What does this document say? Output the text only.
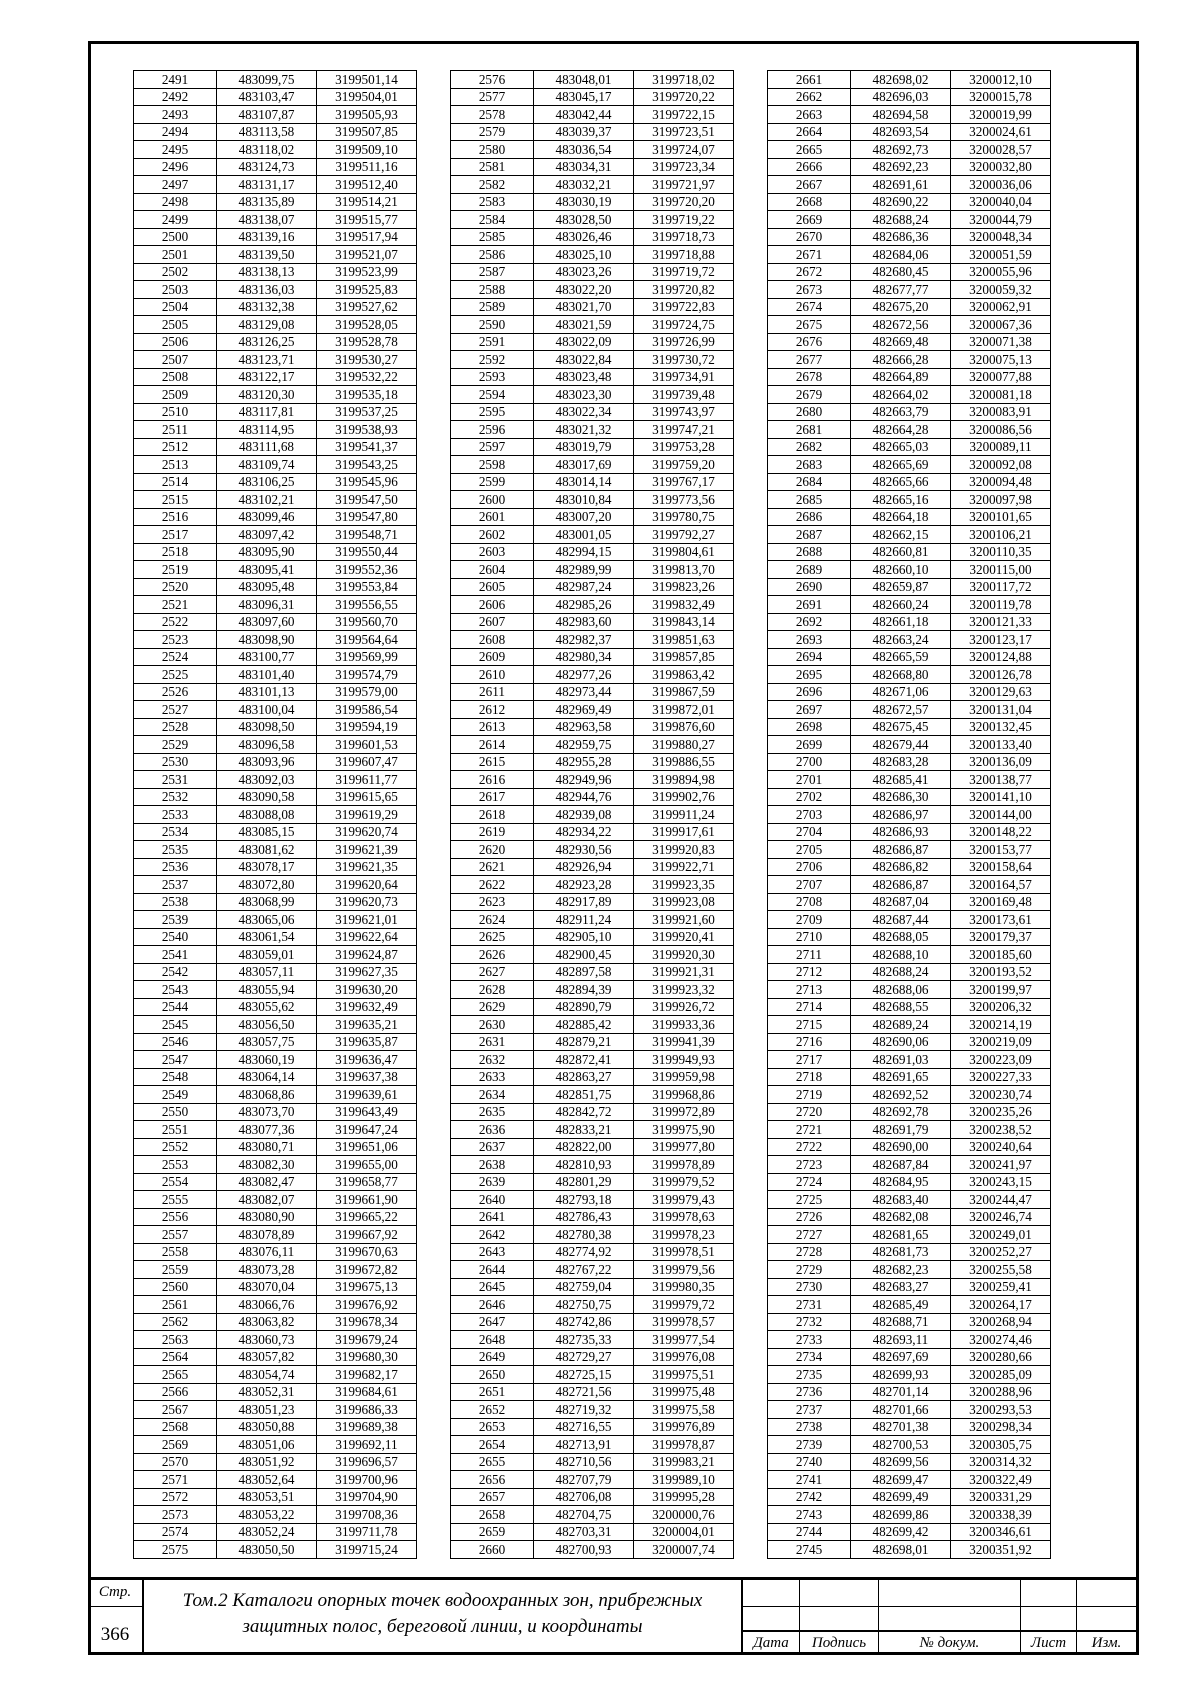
2491	483099,75	3199501,14
2492	483103,47	3199504,01
2493	483107,87	3199505,93
2494	483113,58	3199507,85
2495	483118,02	3199509,10
2496	483124,73	3199511,16
2497	483131,17	3199512,40
2498	483135,89	3199514,21
2499	483138,07	3199515,77
2500	483139,16	3199517,94
2501	483139,50	3199521,07
2502	483138,13	3199523,99
2503	483136,03	3199525,83
2504	483132,38	3199527,62
2505	483129,08	3199528,05
2506	483126,25	3199528,78
2507	483123,71	3199530,27
2508	483122,17	3199532,22
2509	483120,30	3199535,18
2510	483117,81	3199537,25
2511	483114,95	3199538,93
2512	483111,68	3199541,37
2513	483109,74	3199543,25
2514	483106,25	3199545,96
2515	483102,21	3199547,50
2516	483099,46	3199547,80
2517	483097,42	3199548,71
2518	483095,90	3199550,44
2519	483095,41	3199552,36
2520	483095,48	3199553,84
2521	483096,31	3199556,55
2522	483097,60	3199560,70
2523	483098,90	3199564,64
2524	483100,77	3199569,99
2525	483101,40	3199574,79
2526	483101,13	3199579,00
2527	483100,04	3199586,54
2528	483098,50	3199594,19
2529	483096,58	3199601,53
2530	483093,96	3199607,47
2531	483092,03	3199611,77
2532	483090,58	3199615,65
2533	483088,08	3199619,29
2534	483085,15	3199620,74
2535	483081,62	3199621,39
2536	483078,17	3199621,35
2537	483072,80	3199620,64
2538	483068,99	3199620,73
2539	483065,06	3199621,01
2540	483061,54	3199622,64
2541	483059,01	3199624,87
2542	483057,11	3199627,35
2543	483055,94	3199630,20
2544	483055,62	3199632,49
2545	483056,50	3199635,21
2546	483057,75	3199635,87
2547	483060,19	3199636,47
2548	483064,14	3199637,38
2549	483068,86	3199639,61
2550	483073,70	3199643,49
2551	483077,36	3199647,24
2552	483080,71	3199651,06
2553	483082,30	3199655,00
2554	483082,47	3199658,77
2555	483082,07	3199661,90
2556	483080,90	3199665,22
2557	483078,89	3199667,92
2558	483076,11	3199670,63
2559	483073,28	3199672,82
2560	483070,04	3199675,13
2561	483066,76	3199676,92
2562	483063,82	3199678,34
2563	483060,73	3199679,24
2564	483057,82	3199680,30
2565	483054,74	3199682,17
2566	483052,31	3199684,61
2567	483051,23	3199686,33
2568	483050,88	3199689,38
2569	483051,06	3199692,11
2570	483051,92	3199696,57
2571	483052,64	3199700,96
2572	483053,51	3199704,90
2573	483053,22	3199708,36
2574	483052,24	3199711,78
2575	483050,50	3199715,24
2576	483048,01	3199718,02
2577	483045,17	3199720,22
2578	483042,44	3199722,15
2579	483039,37	3199723,51
2580	483036,54	3199724,07
2581	483034,31	3199723,34
2582	483032,21	3199721,97
2583	483030,19	3199720,20
2584	483028,50	3199719,22
2585	483026,46	3199718,73
2586	483025,10	3199718,88
2587	483023,26	3199719,72
2588	483022,20	3199720,82
2589	483021,70	3199722,83
2590	483021,59	3199724,75
2591	483022,09	3199726,99
2592	483022,84	3199730,72
2593	483023,48	3199734,91
2594	483023,30	3199739,48
2595	483022,34	3199743,97
2596	483021,32	3199747,21
2597	483019,79	3199753,28
2598	483017,69	3199759,20
2599	483014,14	3199767,17
2600	483010,84	3199773,56
2601	483007,20	3199780,75
2602	483001,05	3199792,27
2603	482994,15	3199804,61
2604	482989,99	3199813,70
2605	482987,24	3199823,26
2606	482985,26	3199832,49
2607	482983,60	3199843,14
2608	482982,37	3199851,63
2609	482980,34	3199857,85
2610	482977,26	3199863,42
2611	482973,44	3199867,59
2612	482969,49	3199872,01
2613	482963,58	3199876,60
2614	482959,75	3199880,27
2615	482955,28	3199886,55
2616	482949,96	3199894,98
2617	482944,76	3199902,76
2618	482939,08	3199911,24
2619	482934,22	3199917,61
2620	482930,56	3199920,83
2621	482926,94	3199922,71
2622	482923,28	3199923,35
2623	482917,89	3199923,08
2624	482911,24	3199921,60
2625	482905,10	3199920,41
2626	482900,45	3199920,30
2627	482897,58	3199921,31
2628	482894,39	3199923,32
2629	482890,79	3199926,72
2630	482885,42	3199933,36
2631	482879,21	3199941,39
2632	482872,41	3199949,93
2633	482863,27	3199959,98
2634	482851,75	3199968,86
2635	482842,72	3199972,89
2636	482833,21	3199975,90
2637	482822,00	3199977,80
2638	482810,93	3199978,89
2639	482801,29	3199979,52
2640	482793,18	3199979,43
2641	482786,43	3199978,63
2642	482780,38	3199978,23
2643	482774,92	3199978,51
2644	482767,22	3199979,56
2645	482759,04	3199980,35
2646	482750,75	3199979,72
2647	482742,86	3199978,57
2648	482735,33	3199977,54
2649	482729,27	3199976,08
2650	482725,15	3199975,51
2651	482721,56	3199975,48
2652	482719,32	3199975,58
2653	482716,55	3199976,89
2654	482713,91	3199978,87
2655	482710,56	3199983,21
2656	482707,79	3199989,10
2657	482706,08	3199995,28
2658	482704,75	3200000,76
2659	482703,31	3200004,01
2660	482700,93	3200007,74
2661	482698,02	3200012,10
2662	482696,03	3200015,78
2663	482694,58	3200019,99
2664	482693,54	3200024,61
2665	482692,73	3200028,57
2666	482692,23	3200032,80
2667	482691,61	3200036,06
2668	482690,22	3200040,04
2669	482688,24	3200044,79
2670	482686,36	3200048,34
2671	482684,06	3200051,59
2672	482680,45	3200055,96
2673	482677,77	3200059,32
2674	482675,20	3200062,91
2675	482672,56	3200067,36
2676	482669,48	3200071,38
2677	482666,28	3200075,13
2678	482664,89	3200077,88
2679	482664,02	3200081,18
2680	482663,79	3200083,91
2681	482664,28	3200086,56
2682	482665,03	3200089,11
2683	482665,69	3200092,08
2684	482665,66	3200094,48
2685	482665,16	3200097,98
2686	482664,18	3200101,65
2687	482662,15	3200106,21
2688	482660,81	3200110,35
2689	482660,10	3200115,00
2690	482659,87	3200117,72
2691	482660,24	3200119,78
2692	482661,18	3200121,33
2693	482663,24	3200123,17
2694	482665,59	3200124,88
2695	482668,80	3200126,78
2696	482671,06	3200129,63
2697	482672,57	3200131,04
2698	482675,45	3200132,45
2699	482679,44	3200133,40
2700	482683,28	3200136,09
2701	482685,41	3200138,77
2702	482686,30	3200141,10
2703	482686,97	3200144,00
2704	482686,93	3200148,22
2705	482686,87	3200153,77
2706	482686,82	3200158,64
2707	482686,87	3200164,57
2708	482687,04	3200169,48
2709	482687,44	3200173,61
2710	482688,05	3200179,37
2711	482688,10	3200185,60
2712	482688,24	3200193,52
2713	482688,06	3200199,97
2714	482688,55	3200206,32
2715	482689,24	3200214,19
2716	482690,06	3200219,09
2717	482691,03	3200223,09
2718	482691,65	3200227,33
2719	482692,52	3200230,74
2720	482692,78	3200235,26
2721	482691,79	3200238,52
2722	482690,00	3200240,64
2723	482687,84	3200241,97
2724	482684,95	3200243,15
2725	482683,40	3200244,47
2726	482682,08	3200246,74
2727	482681,65	3200249,01
2728	482681,73	3200252,27
2729	482682,23	3200255,58
2730	482683,27	3200259,41
2731	482685,49	3200264,17
2732	482688,71	3200268,94
2733	482693,11	3200274,46
2734	482697,69	3200280,66
2735	482699,93	3200285,09
2736	482701,14	3200288,96
2737	482701,66	3200293,53
2738	482701,38	3200298,34
2739	482700,53	3200305,75
2740	482699,56	3200314,32
2741	482699,47	3200322,49
2742	482699,49	3200331,29
2743	482699,86	3200338,39
2744	482699,42	3200346,61
2745	482698,01	3200351,92
Стр.
366
Том.2 Каталоги опорных точек водоохранных зон, прибрежных
защитных полос, береговой линии, и координаты
Дата	Подпись	№ докум.	Лист	Изм.
